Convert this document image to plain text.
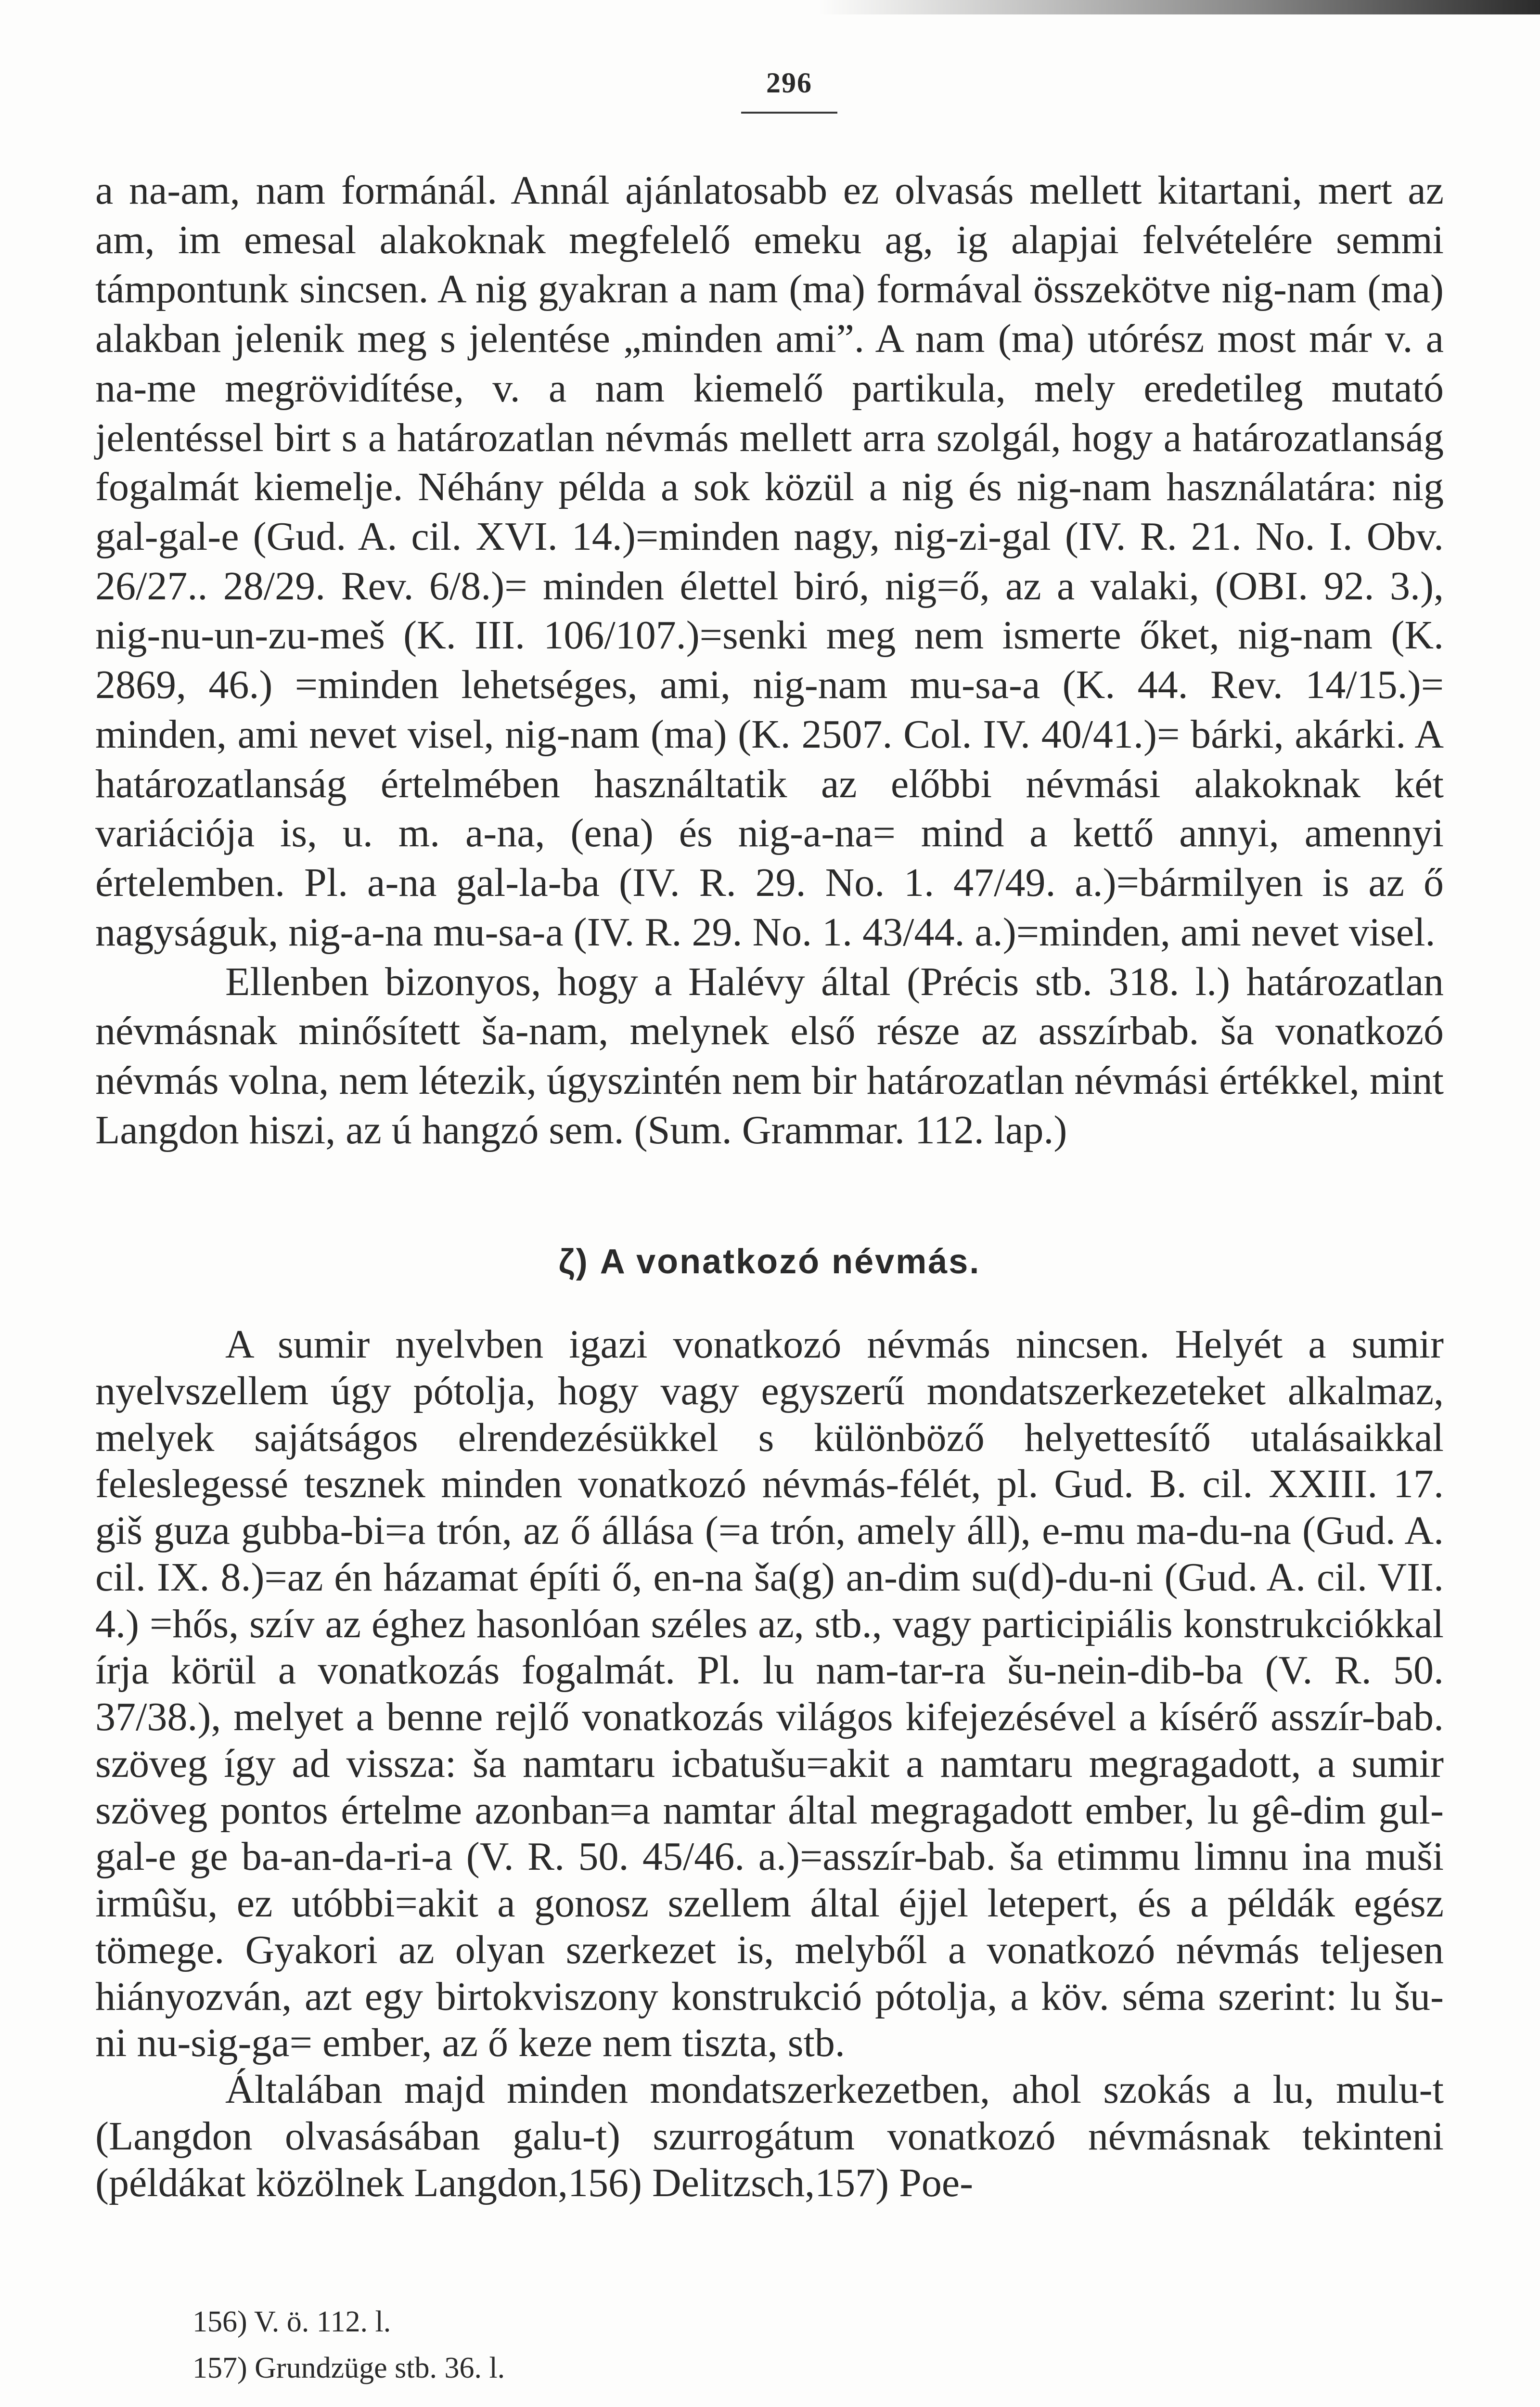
296

a na-am, nam formánál. Annál ajánlatosabb ez olvasás mellett kitartani, mert az am, im emesal alakoknak megfelelő emeku ag, ig alapjai felvételére semmi támpontunk sincsen. A nig gyakran a nam (ma) formával összekötve nig-nam (ma) alakban jelenik meg s jelentése „minden ami”. A nam (ma) utórész most már v. a na-me megrövidítése, v. a nam kiemelő partikula, mely eredetileg mutató jelentéssel birt s a határozatlan névmás mellett arra szolgál, hogy a határozatlanság fogalmát kiemelje. Néhány példa a sok közül a nig és nig-nam használatára: nig gal-gal-e (Gud. A. cil. XVI. 14.)=minden nagy, nig-zi-gal (IV. R. 21. No. I. Obv. 26/27.. 28/29. Rev. 6/8.)= minden élettel biró, nig=ő, az a valaki, (OBI. 92. 3.), nig-nu-un-zu-meš (K. III. 106/107.)=senki meg nem ismerte őket, nig-nam (K. 2869, 46.) =minden lehetséges, ami, nig-nam mu-sa-a (K. 44. Rev. 14/15.)= minden, ami nevet visel, nig-nam (ma) (K. 2507. Col. IV. 40/41.)= bárki, akárki. A határozatlanság értelmében használtatik az előbbi névmási alakoknak két variációja is, u. m. a-na, (ena) és nig-a-na= mind a kettő annyi, amennyi értelemben. Pl. a-na gal-la-ba (IV. R. 29. No. 1. 47/49. a.)=bármilyen is az ő nagyságuk, nig-a-na mu-sa-a (IV. R. 29. No. 1. 43/44. a.)=minden, ami nevet visel.

Ellenben bizonyos, hogy a Halévy által (Précis stb. 318. l.) határozatlan névmásnak minősített ša-nam, melynek első része az asszírbab. ša vonatkozó névmás volna, nem létezik, úgyszintén nem bir határozatlan névmási értékkel, mint Langdon hiszi, az ú hangzó sem. (Sum. Grammar. 112. lap.)

ζ) A vonatkozó névmás.

A sumir nyelvben igazi vonatkozó névmás nincsen. Helyét a sumir nyelvszellem úgy pótolja, hogy vagy egyszerű mondatszerkezeteket alkalmaz, melyek sajátságos elrendezésükkel s különböző helyettesítő utalásaikkal feleslegessé tesznek minden vonatkozó névmás-félét, pl. Gud. B. cil. XXIII. 17. giš guza gubba-bi=a trón, az ő állása (=a trón, amely áll), e-mu ma-du-na (Gud. A. cil. IX. 8.)=az én házamat építi ő, en-na ša(g) an-dim su(d)-du-ni (Gud. A. cil. VII. 4.) =hős, szív az éghez hasonlóan széles az, stb., vagy participiális konstrukciókkal írja körül a vonatkozás fogalmát. Pl. lu nam-tar-ra šu-nein-dib-ba (V. R. 50. 37/38.), melyet a benne rejlő vonatkozás világos kifejezésével a kísérő asszír-bab. szöveg így ad vissza: ša namtaru icbatušu=akit a namtaru megragadott, a sumir szöveg pontos értelme azonban=a namtar által megragadott ember, lu gê-dim gul-gal-e ge ba-an-da-ri-a (V. R. 50. 45/46. a.)=asszír-bab. ša etimmu limnu ina muši irmûšu, ez utóbbi=akit a gonosz szellem által éjjel letepert, és a példák egész tömege. Gyakori az olyan szerkezet is, melyből a vonatkozó névmás teljesen hiányozván, azt egy birtokviszony konstrukció pótolja, a köv. séma szerint: lu šu-ni nu-sig-ga= ember, az ő keze nem tiszta, stb.

Általában majd minden mondatszerkezetben, ahol szokás a lu, mulu-t (Langdon olvasásában galu-t) szurrogátum vonatkozó névmásnak tekinteni (példákat közölnek Langdon,156) Delitzsch,157) Poe-

156) V. ö. 112. l.
157) Grundzüge stb. 36. l.
